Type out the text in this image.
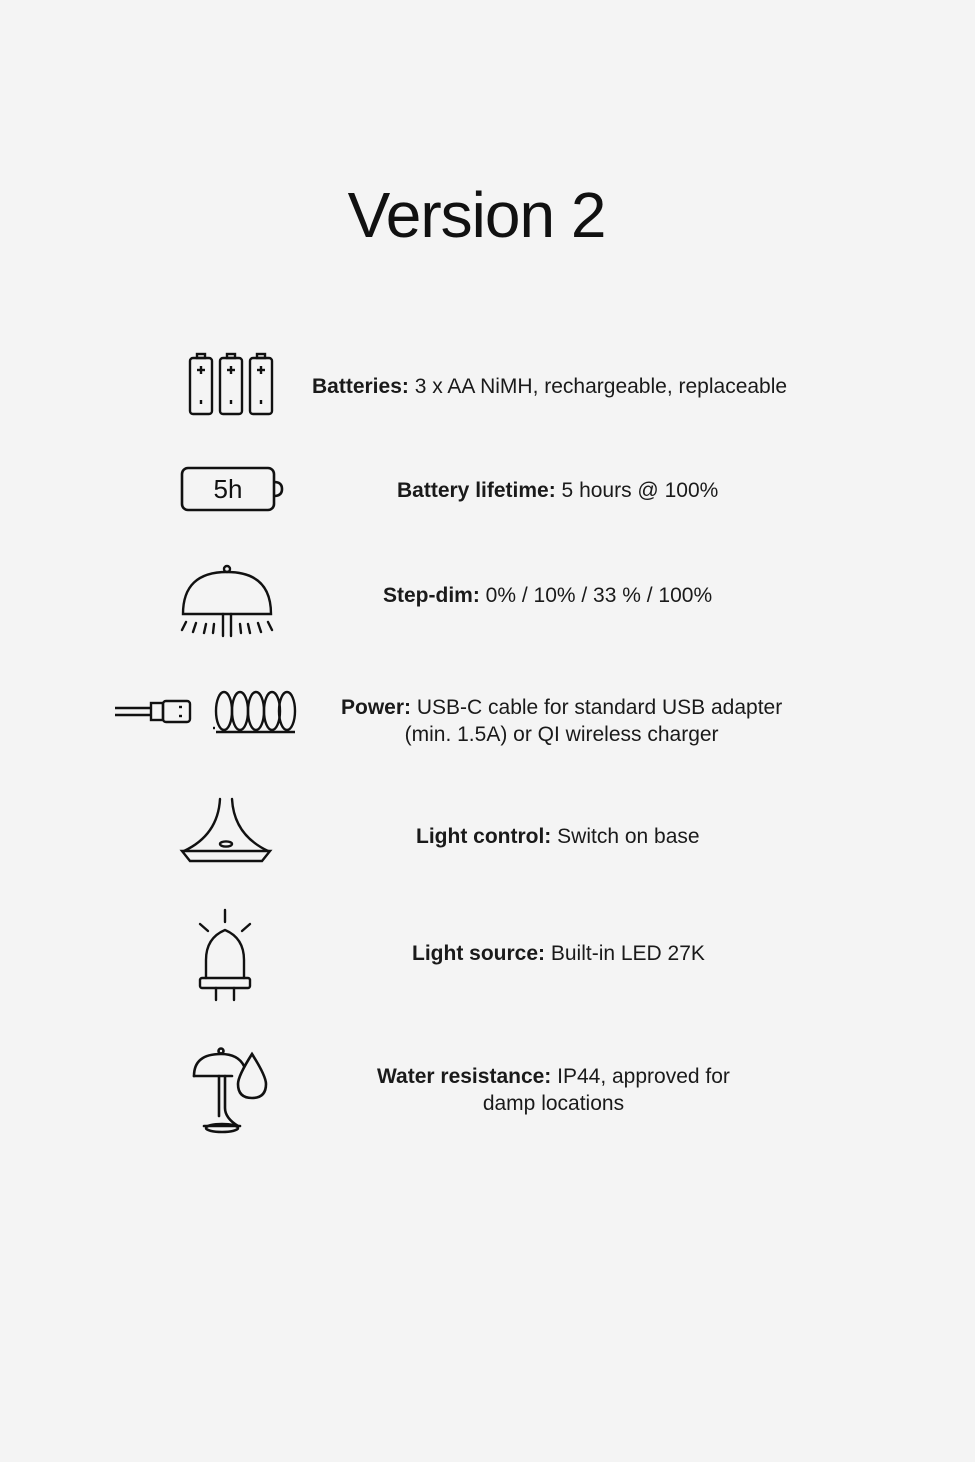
Version 2
Batteries: 3 x AA NiMH, rechargeable, replaceable
5h	Battery lifetime: 5 hours @ 100%
Step-dim: 0% / 10% / 33 % / 100%
Power: USB-C cable for standard USB adapter
(min. 1.5A) or QI wireless charger
Light control: Switch on base
Light source: Built-in LED 27K
Water resistance: IP44, approved for
damp locations
